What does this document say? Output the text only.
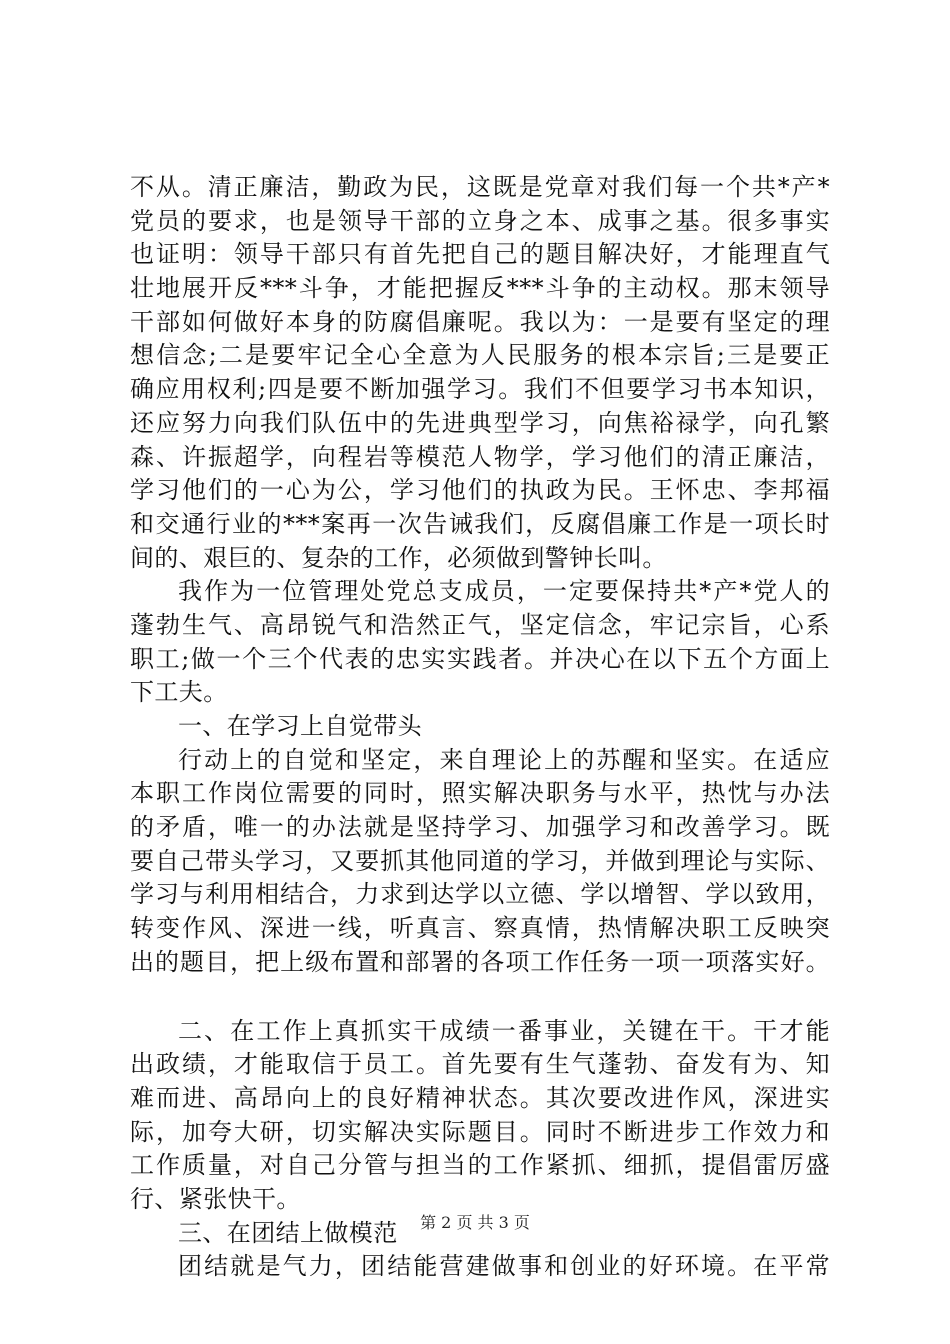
不从。清正廉洁，勤政为民，这既是党章对我们每一个共*产*
党员的要求，也是领导干部的立身之本、成事之基。很多事实
也证明：领导干部只有首先把自己的题目解决好，才能理直气
壮地展开反***斗争，才能把握反***斗争的主动权。那末领导
干部如何做好本身的防腐倡廉呢。我以为：一是要有坚定的理
想信念;二是要牢记全心全意为人民服务的根本宗旨;三是要正
确应用权利;四是要不断加强学习。我们不但要学习书本知识，
还应努力向我们队伍中的先进典型学习，向焦裕禄学，向孔繁
森、许振超学，向程岩等模范人物学，学习他们的清正廉洁，
学习他们的一心为公，学习他们的执政为民。王怀忠、李邦福
和交通行业的***案再一次告诫我们，反腐倡廉工作是一项长时
间的、艰巨的、复杂的工作，必须做到警钟长叫。
我作为一位管理处党总支成员，一定要保持共*产*党人的
蓬勃生气、高昂锐气和浩然正气，坚定信念，牢记宗旨，心系
职工;做一个三个代表的忠实实践者。并决心在以下五个方面上
下工夫。
一、在学习上自觉带头
行动上的自觉和坚定，来自理论上的苏醒和坚实。在适应
本职工作岗位需要的同时，照实解决职务与水平，热忱与办法
的矛盾，唯一的办法就是坚持学习、加强学习和改善学习。既
要自己带头学习，又要抓其他同道的学习，并做到理论与实际、
学习与利用相结合，力求到达学以立德、学以增智、学以致用，
转变作风、深进一线，听真言、察真情，热情解决职工反映突
出的题目，把上级布置和部署的各项工作任务一项一项落实好。
二、在工作上真抓实干成绩一番事业，关键在干。干才能
出政绩，才能取信于员工。首先要有生气蓬勃、奋发有为、知
难而进、高昂向上的良好精神状态。其次要改进作风，深进实
际，加夸大研，切实解决实际题目。同时不断进步工作效力和
工作质量，对自己分管与担当的工作紧抓、细抓，提倡雷厉盛
行、紧张快干。
三、在团结上做模范
团结就是气力，团结能营建做事和创业的好环境。在平常
第 2 页 共 3 页
